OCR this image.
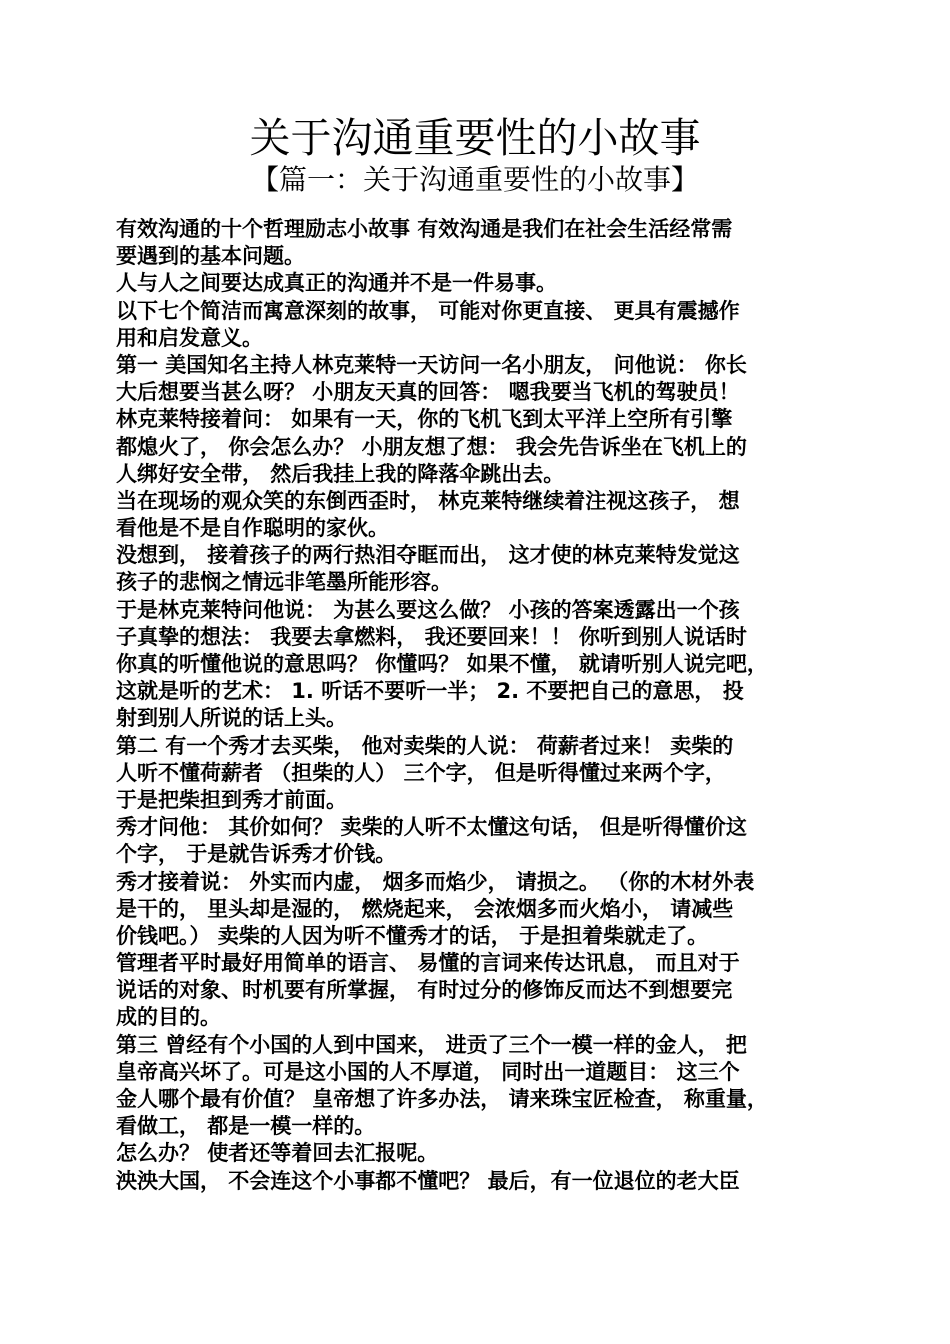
关于沟通重要性的小故事
【篇一：关于沟通重要性的小故事】
有效沟通的十个哲理励志小故事 有效沟通是我们在社会生活经常需
要遇到的基本问题。
人与人之间要达成真正的沟通并不是一件易事。
以下七个简洁而寓意深刻的故事， 可能对你更直接、 更具有震撼作
用和启发意义。
第一 美国知名主持人林克莱特一天访问一名小朋友， 问他说： 你长
大后想要当甚么呀？ 小朋友天真的回答： 嗯我要当飞机的驾驶员！
林克莱特接着问： 如果有一天，你的飞机飞到太平洋上空所有引擎
都熄火了， 你会怎么办？ 小朋友想了想： 我会先告诉坐在飞机上的
人绑好安全带， 然后我挂上我的降落伞跳出去。
当在现场的观众笑的东倒西歪时， 林克莱特继续着注视这孩子， 想
看他是不是自作聪明的家伙。
没想到， 接着孩子的两行热泪夺眶而出， 这才使的林克莱特发觉这
孩子的悲悯之情远非笔墨所能形容。
于是林克莱特问他说： 为甚么要这么做？ 小孩的答案透露出一个孩
子真挚的想法： 我要去拿燃料， 我还要回来！！ 你听到别人说话时
你真的听懂他说的意思吗？ 你懂吗？ 如果不懂， 就请听别人说完吧，
这就是听的艺术： 1. 听话不要听一半； 2. 不要把自己的意思， 投
射到别人所说的话上头。
第二 有一个秀才去买柴， 他对卖柴的人说： 荷薪者过来！ 卖柴的
人听不懂荷薪者 （担柴的人） 三个字， 但是听得懂过来两个字，
于是把柴担到秀才前面。
秀才问他： 其价如何？ 卖柴的人听不太懂这句话， 但是听得懂价这
个字， 于是就告诉秀才价钱。
秀才接着说： 外实而内虚， 烟多而焰少， 请损之。 （你的木材外表
是干的， 里头却是湿的， 燃烧起来， 会浓烟多而火焰小， 请减些
价钱吧。） 卖柴的人因为听不懂秀才的话， 于是担着柴就走了。
管理者平时最好用简单的语言、 易懂的言词来传达讯息， 而且对于
说话的对象、时机要有所掌握， 有时过分的修饰反而达不到想要完
成的目的。
第三 曾经有个小国的人到中国来， 进贡了三个一模一样的金人， 把
皇帝高兴坏了。可是这小国的人不厚道， 同时出一道题目： 这三个
金人哪个最有价值？ 皇帝想了许多办法， 请来珠宝匠检查， 称重量，
看做工， 都是一模一样的。
怎么办？ 使者还等着回去汇报呢。
泱泱大国， 不会连这个小事都不懂吧？ 最后，有一位退位的老大臣
